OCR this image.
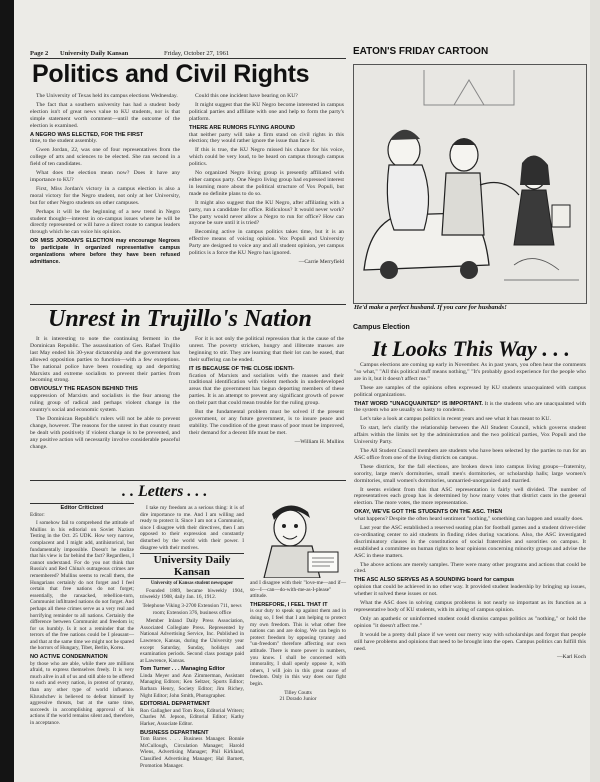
Page 2 University Daily Kansan	Friday, October 27, 1961	EATON'S FRIDAY CARTOON
Politics and Civil Rights

The University of Texas held its campus elections Wednesday.

The fact that a southern university has had a student body election isn't of great news value to KU students, nor is that simple statement worth comment—until the outcome of the election is examined.

A NEGRO WAS ELECTED, FOR THE FIRST

time, to the student assembly.

Gwen Jordan, 22, was one of four representatives from the college of arts and sciences to be elected. She ran second in a field of ten candidates.

What does the election mean now? Does it have any importance to KU?

First, Miss Jordan's victory in a campus election is also a moral victory for the Negro student, not only at her University, but for other Negro students on other campuses.

Perhaps it will be the beginning of a new trend in Negro student thought—interest in on-campus issues where he will be directly represented or will have a direct route to campus leaders through which he can voice his opinion.

OR MISS JORDAN'S ELECTION may encourage Negroes to participate in organized representative campus organizations where before they have been refused admittance.

Could this one incident have bearing on KU?

It might suggest that the KU Negro become interested in campus political parties and affiliate with one and help to form the party's platform.

THERE ARE RUMORS FLYING AROUND

that neither party will take a firm stand on civil rights in this election; they would rather ignore the issue than face it.

If this is true, the KU Negro missed his chance for his voice, which could be very loud, to be heard on campus through campus politics.

No organized Negro living group is presently affiliated with either campus party. One Negro living group had expressed interest in learning more about the political structure of Vox Populi, but made no definite plans to do so.

It might also suggest that the KU Negro, after affiliating with a party, run a candidate for office. Ridiculous? It would never work? The party would never allow a Negro to run for office? How can anyone be sure until it is tried?

Becoming active in campus politics takes time, but it is an effective means of voicing opinion. Vox Populi and University Party are designed to voice any and all student opinion, yet campus politics is a force the KU Negro has ignored.

—Carrie Merryfield
He'd make a perfect husband. If you care for husbands!
Unrest in Trujillo's Nation

It is interesting to note the continuing ferment in the Dominican Republic. The assassination of Gen. Rafael Trujillo last May ended his 30-year dictatorship and the government has allowed opposition parties to function—with a few exceptions. The national police have been rounding up and deporting Marxists and extreme socialists to prevent their parties from becoming strong.

OBVIOUSLY THE REASON BEHIND THIS

suppression of Marxists and socialists is the fear among the ruling group of radical and perhaps violent change in the country's social and economic system.

The Dominican Republic's rulers will not be able to prevent change, however. The reasons for the unrest in that country must be dealt with positively if violent change is to be prevented, and any positive action will necessarily involve considerable peaceful change.

For it is not only the political repression that is the cause of the unrest. The poverty stricken, hungry and illiterate masses are beginning to stir. They are learning that their lot can be eased, that their suffering can be ended.

IT IS BECAUSE OF THE CLOSE IDENTI-

fication of Marxists and socialists with the masses and their traditional identification with violent methods in underdeveloped areas that the government has begun deporting members of these parties. It is an attempt to prevent any significant growth of power on their part that could mean trouble for the ruling group.

But the fundamental problem must be solved if the present government, or any future government, is to insure peace and stability. The condition of the great mass of poor must be improved, their demand for a decent life must be met.

—William H. Mullins
. . Letters . . .
Editor Criticized

Editor:

I somehow fail to comprehend the attitude of Mullins in his editorial on Soviet Nazism Testing in the Oct. 25 UDK. How very narrow, complacent and I might add, antihistorical, but fundamentally impossible. Doesn't he realize that his view is far behind the fact? Regardless, I cannot understand. For do you not think that Russia's and Red China's outrageous crimes are remembered? Mullins seems to recall them, the Hungarians certainly do not forget and I feel certain that free nations do not forget; essentially, the ransacked, rebellion-torn, Communist infiltrated nations do not forget. And perhaps all these crimes serve as a very real and horrifying reminder to all nations. Certainly the difference between Communist and freedom is; for us humbly. Is it not a reminder that the terrors of the free nations could be I pleasant—and that at the same time we might not be spared the horrors of Hungary, Tibet, Berlin, Korea.

NO ACTIVE CONDEMNATION

by those who are able, while there are millions afraid, to express themselves freely. It is very much alive in all of us and still able to be offered to each and every nation, in protest of tyranny, than any other type of world influence. Khrushchev is believed to defeat himself by aggressive threats, but at the same time, succeeds in accomplishing approval of his actions if the world remains silent and, therefore, in acceptance.

I take my freedom as a serious thing: it is of dire importance to me. And I am willing and ready to protect it. Since I am not a Communist, since I disagree with their directives, then I am opposed to their expression and constantly disturbed by the world with their power. I disagree with their motives.

University Daily Kansan
University of Kansas student newspaper

Founded 1889, became biweekly 1904, triweekly 1908, daily Jan. 16, 1912.

Telephone Viking 3-2700 Extension 711, news room; Extension 376, business office

Member Inland Daily Press Association, Associated Collegiate Press. Represented by National Advertising Service, Inc. Published in Lawrence, Kansas, during the University year except Saturday, Sunday, holidays and examination periods. Second class postage paid at Lawrence, Kansas.

Tom Turner . . . Managing Editor

Linda Meyer and Ann Zimmerman, Assistant Managing Editors; Ken Seltzer, Sports Editor; Barbara Henry, Society Editor; Jim Richey, Night Editor; John Smith, Photographer.

EDITORIAL DEPARTMENT

Ron Gallagher and Tom Ross, Editorial Writers; Charles M. Jepson, Editorial Editor; Kathy Harker, Associate Editor.

BUSINESS DEPARTMENT

Tom Barres . . . Business Manager. Bonnie McCullough, Circulation Manager; Harold Wiens, Advertising Manager; Phil Kirkland, Classified Advertising Manager; Hal Barnett, Promotion Manager.

and I disagree with their "love-me—and if—so—I—can—do-with-me-as-I-please" attitude.

THEREFORE, I FEEL THAT IT

is our duty to speak up against them and in doing so, I feel that I am helping to protect my own freedom. This is what other free nations can and are doing. We can begin to protect freedom by opposing tyranny and "un-freedom" therefore affecting our own attitude. There is more power in numbers, you know. I shall be concerned with immorality, I shall openly oppose it, with others, I will join in this great cause of freedom. Only in this way does our fight begin.

Tilley Coutts
21 Dorado Junior
Campus Election
It Looks This Way . . .

Campus elections are coming up early in November. As in past years, you often hear the comments "so what," "All this political stuff means nothing," "It's probably good experience for the people who are in it, but it doesn't affect me."

These are samples of the opinions often expressed by KU students unacquainted with campus political organizations.

THAT WORD "UNACQUAINTED" IS IMPORTANT. It is the students who are unacquainted with the system who are usually so hasty to condemn.

Let's take a look at campus politics in recent years and see what it has meant to KU.

To start, let's clarify the relationship between the All Student Council, which governs student affairs within the limits set by the administration and the two political parties, Vox Populi and the University Party.

The All Student Council members are students who have been selected by the parties to run for an ASC office from one of the living districts on campus.

These districts, for the fall elections, are broken down into campus living groups—fraternity, sorority, large men's dormitories, small men's dormitories, or scholarship halls; large women's dormitories, small women's dormitories, unmarried-unorganized and married.

It seems evident from this that ASC representation is fairly well divided. The number of representatives each group has is determined by how many votes that district casts in the general election. The more votes, the more representation.

OKAY, WE'VE GOT THE STUDENTS ON THE ASC. THEN

what happens? Despite the often heard sentiment "nothing," something can happen and usually does.

Last year the ASC established a reserved seating plan for football games and a student driver-rider co-ordinating center to aid students in finding rides during vacations. Also, the ASC investigated discriminatory clauses in the constitutions of social fraternities and sororities on campus. It established a committee on human rights to hear opinions concerning minority groups and advise the ASC in these matters.

The above actions are merely samples. There were many other programs and actions that could be cited.

THE ASC ALSO SERVES AS A SOUNDING board for campus

opinion that could be achieved in no other way. It provided student leadership by bringing up issues, whether it solved these issues or not.

What the ASC does in solving campus problems is not nearly so important as its function as a representative body of KU students, with its airing of campus opinion.

Only an apathetic or uninformed student could dismiss campus politics as "nothing," or hold the opinion "it doesn't affect me."

It would be a pretty dull place if we went our merry way with scholarships and forgot that people still have problems and opinions that need to be brought into the open. Campus politics can fulfill this need.

—Karl Koch
